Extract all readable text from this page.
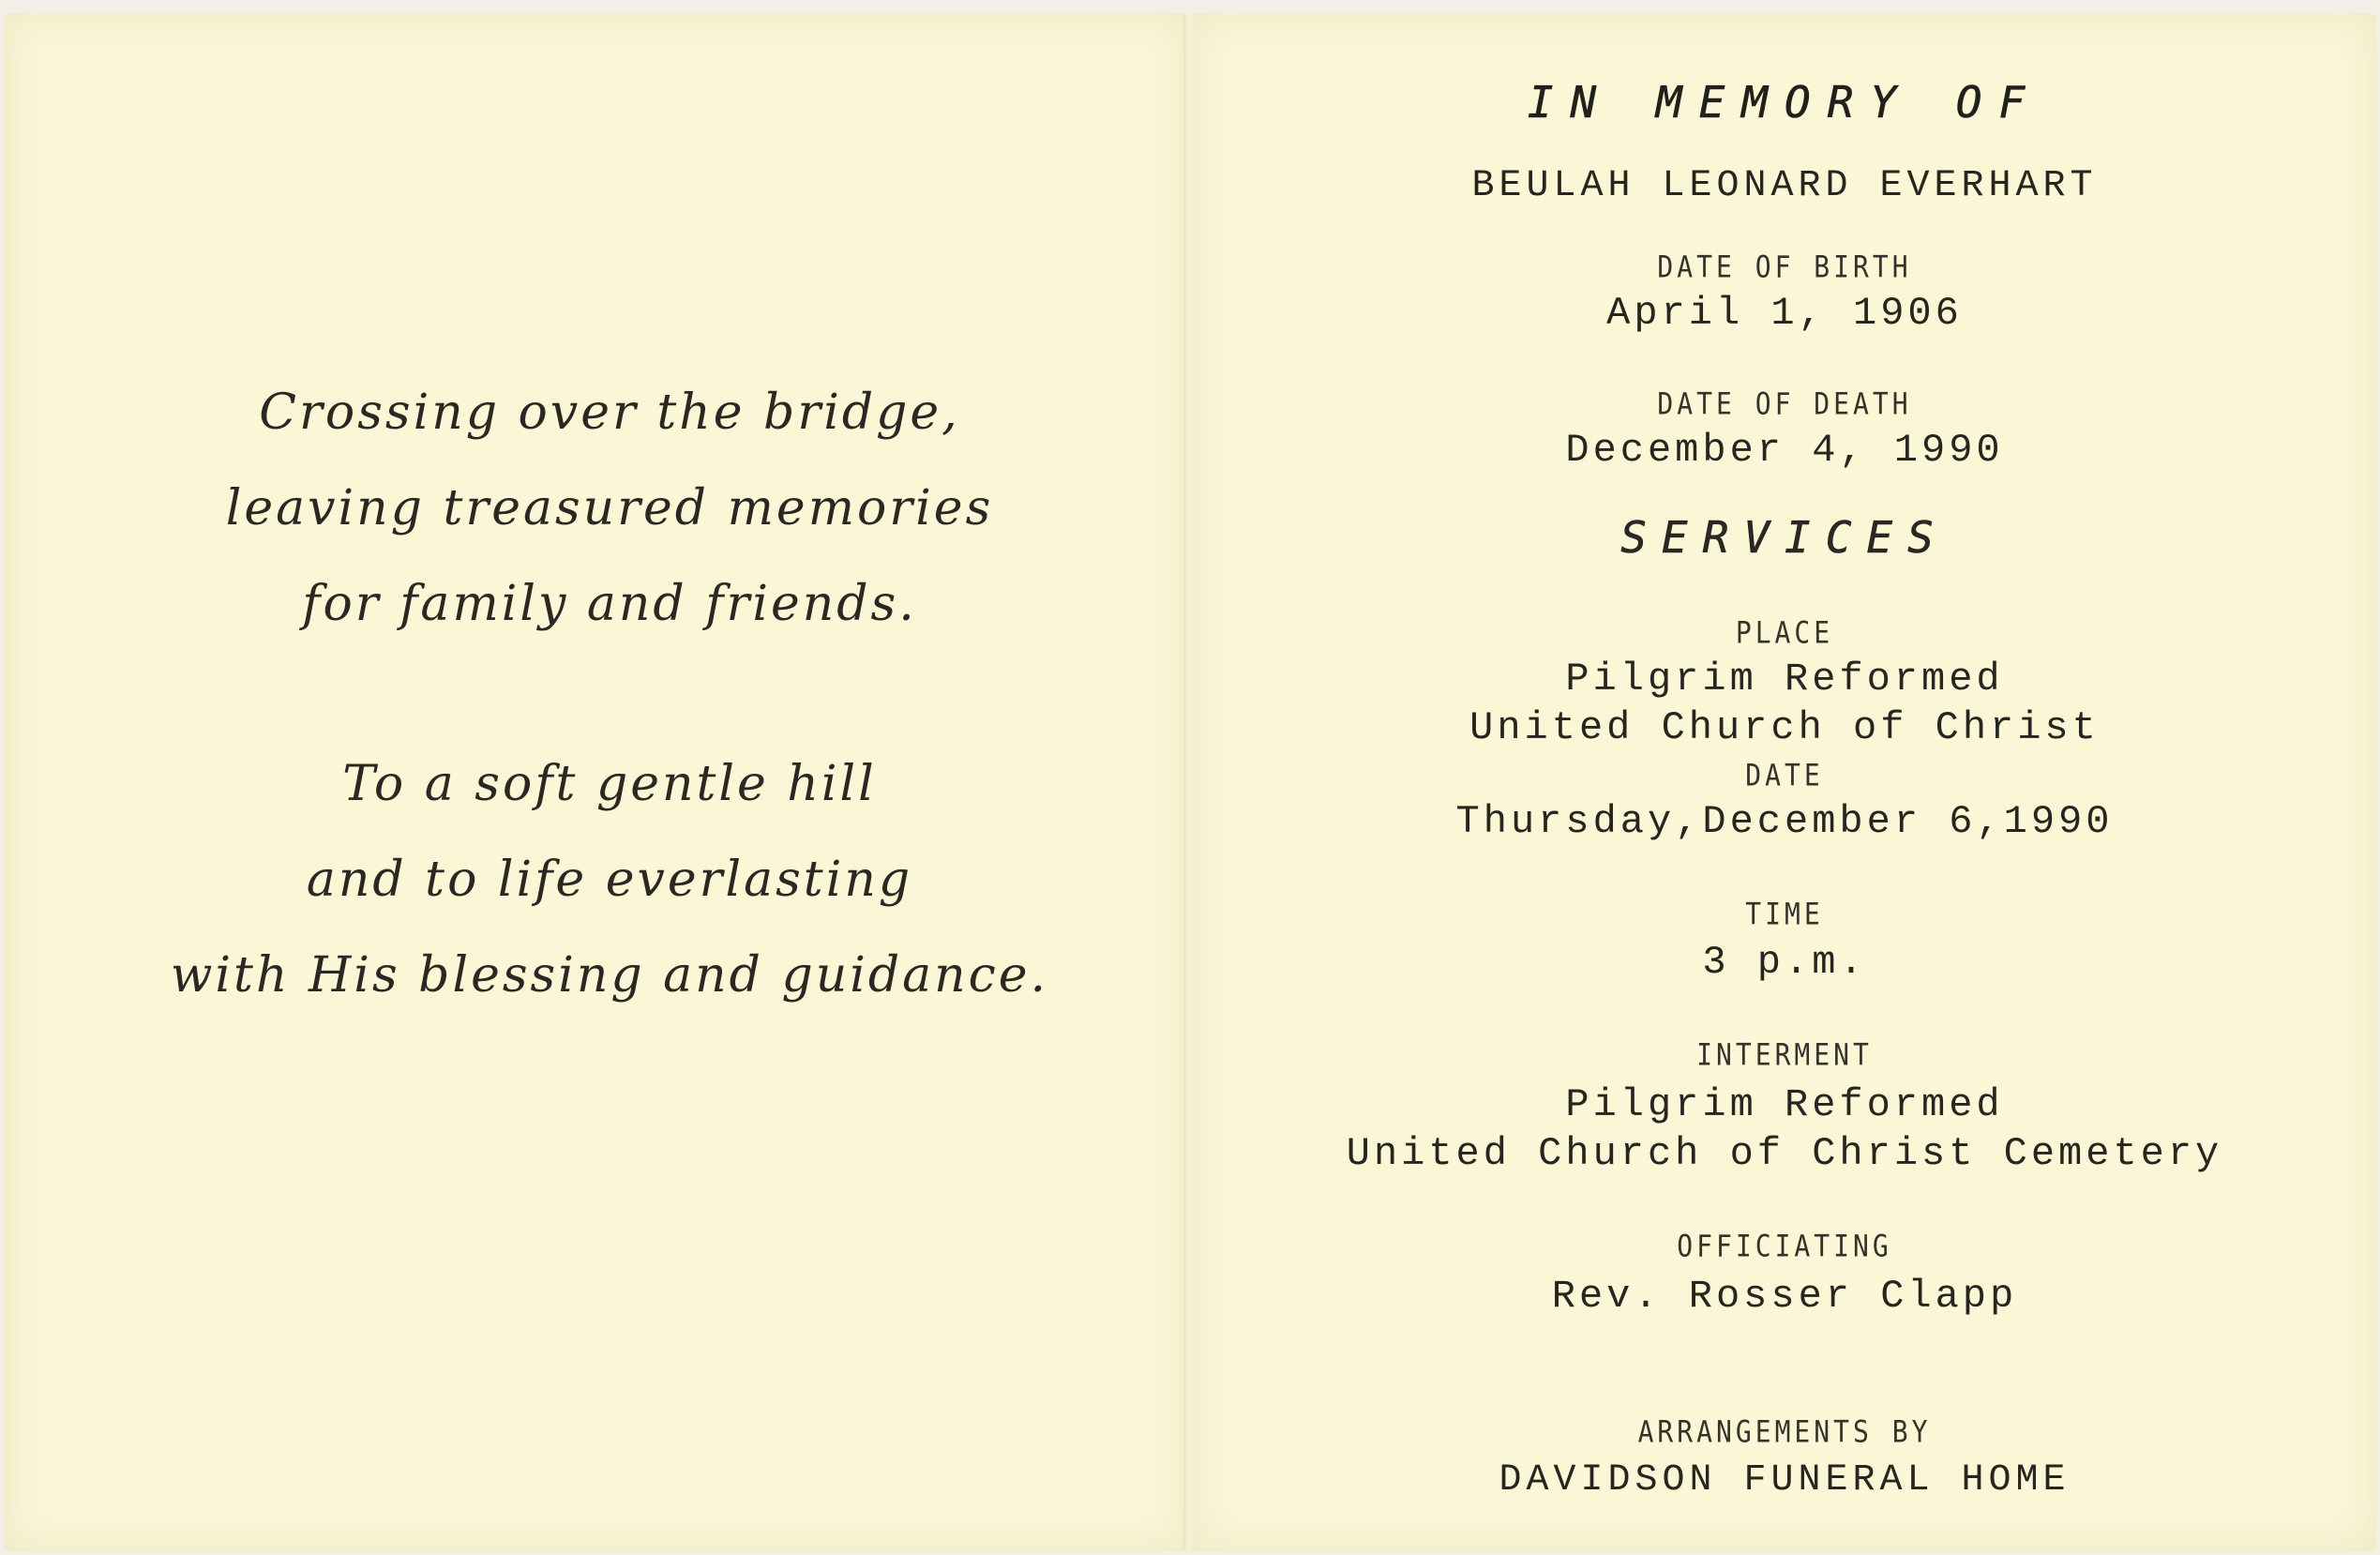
Crossing over the bridge,
leaving treasured memories
for family and friends.
To a soft gentle hill
and to life everlasting
with His blessing and guidance.
IN MEMORY OF
BEULAH LEONARD EVERHART
DATE OF BIRTH
April 1, 1906
DATE OF DEATH
December 4, 1990
SERVICES
PLACE
Pilgrim Reformed
United Church of Christ
DATE
Thursday,December 6,1990
TIME
3 p.m.
INTERMENT
Pilgrim Reformed
United Church of Christ Cemetery
OFFICIATING
Rev. Rosser Clapp
ARRANGEMENTS BY
DAVIDSON FUNERAL HOME
